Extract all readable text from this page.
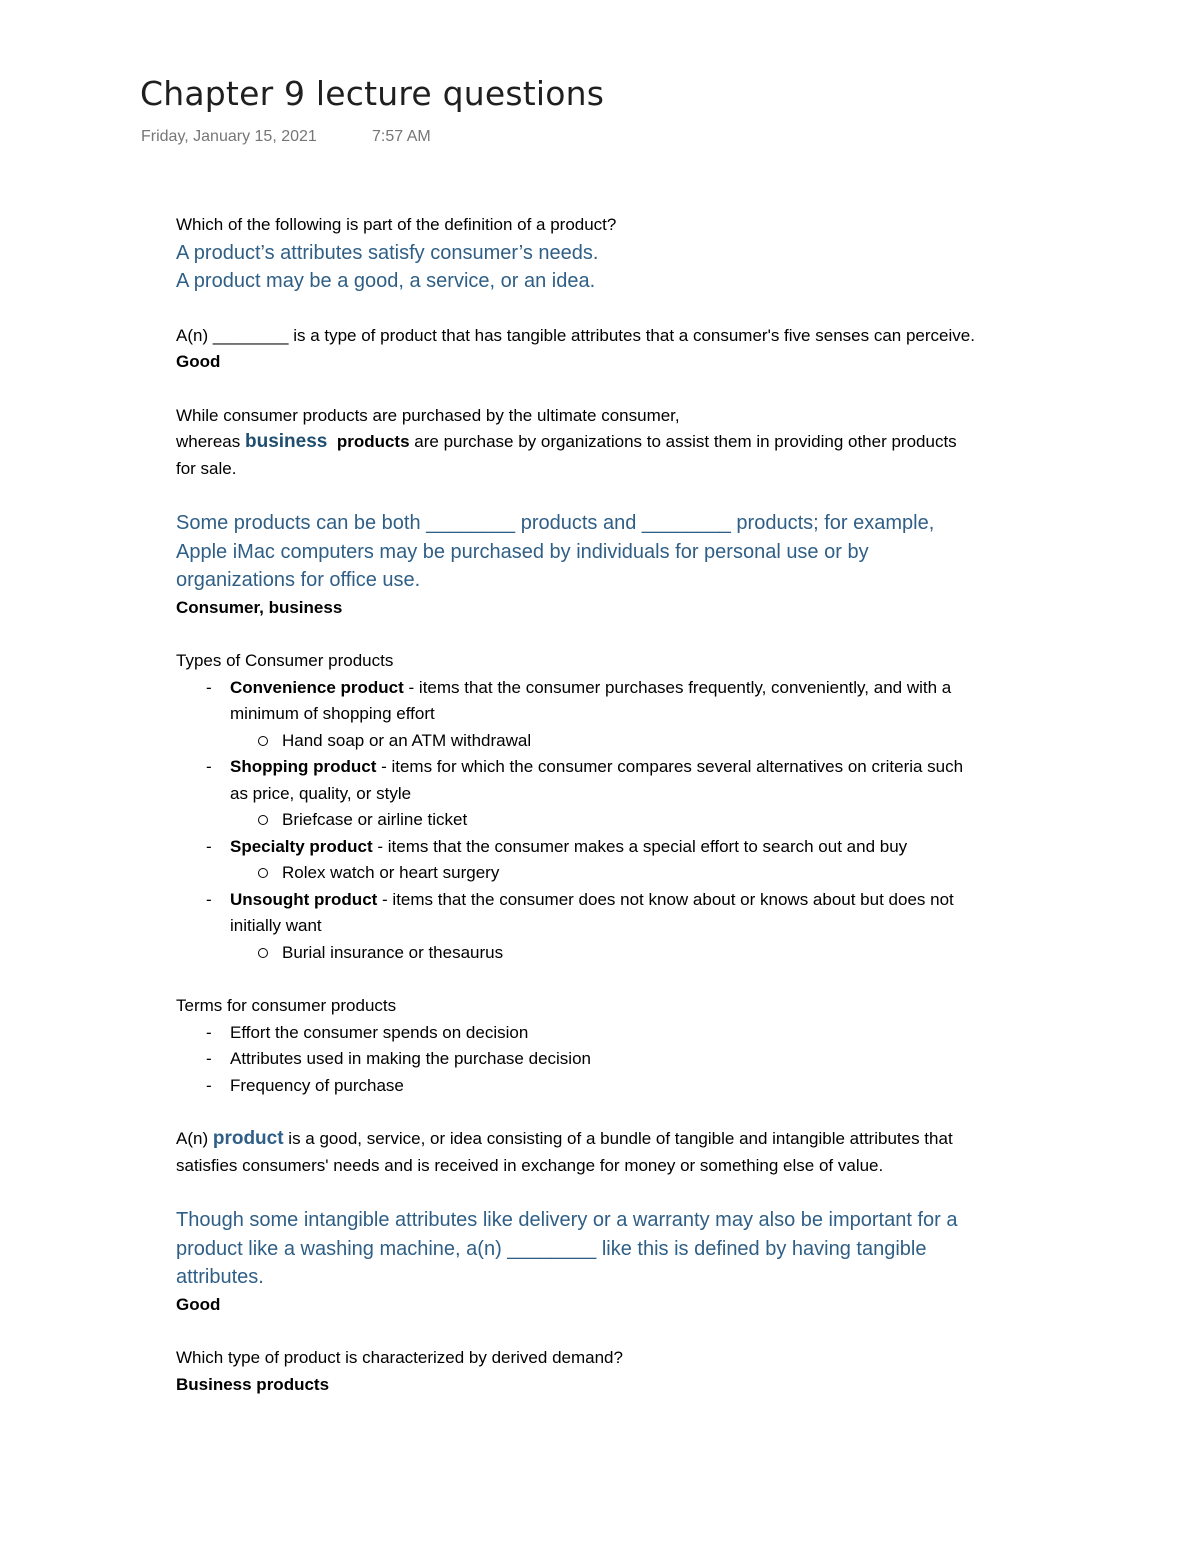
Chapter 9 lecture questions
Friday, January 15, 2021	7:57 AM

Which of the following is part of the definition of a product?

A product’s attributes satisfy consumer’s needs.

A product may be a good, a service, or an idea.

A(n) ________ is a type of product that has tangible attributes that a consumer's five senses can perceive.

Good

While consumer products are purchased by the ultimate consumer,

whereas business products are purchase by organizations to assist them in providing other products for sale.

Some products can be both ________ products and ________ products; for example, Apple iMac computers may be purchased by individuals for personal use or by organizations for office use.

Consumer, business

Types of Consumer products

- Convenience product - items that the consumer purchases frequently, conveniently, and with a minimum of shopping effort
Hand soap or an ATM withdrawal
- Shopping product - items for which the consumer compares several alternatives on criteria such as price, quality, or style
Briefcase or airline ticket
- Specialty product - items that the consumer makes a special effort to search out and buy
Rolex watch or heart surgery
- Unsought product - items that the consumer does not know about or knows about but does not initially want
Burial insurance or thesaurus

Terms for consumer products

- Effort the consumer spends on decision
- Attributes used in making the purchase decision
- Frequency of purchase

A(n) product is a good, service, or idea consisting of a bundle of tangible and intangible attributes that satisfies consumers' needs and is received in exchange for money or something else of value.

Though some intangible attributes like delivery or a warranty may also be important for a product like a washing machine, a(n) ________ like this is defined by having tangible attributes.

Good

Which type of product is characterized by derived demand?

Business products
